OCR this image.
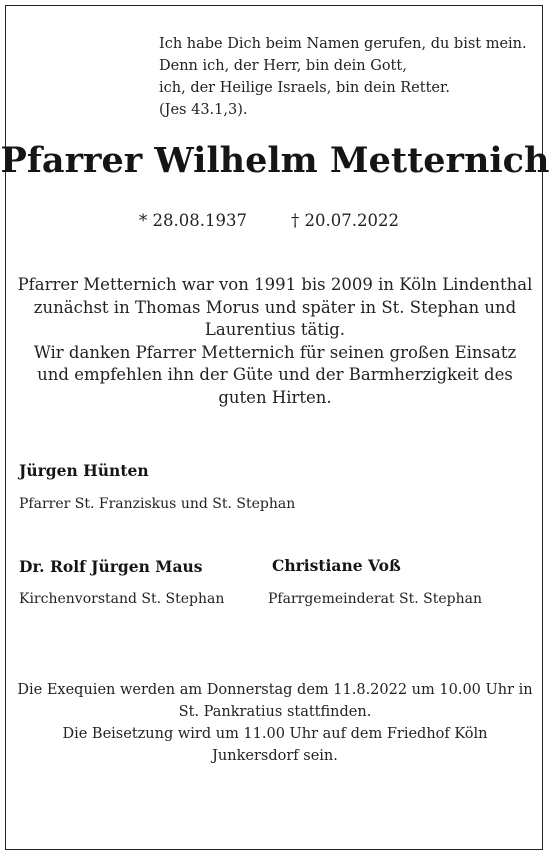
Ich habe Dich beim Namen gerufen, du bist mein.
Denn ich, der Herr, bin dein Gott,
ich, der Heilige Israels, bin dein Retter.
(Jes 43.1,3).
Pfarrer Wilhelm Metternich
* 28.08.1937	† 20.07.2022
Pfarrer Metternich war von 1991 bis 2009 in Köln Lindenthal
zunächst in Thomas Morus und später in St. Stephan und
Laurentius tätig.
Wir danken Pfarrer Metternich für seinen großen Einsatz
und empfehlen ihn der Güte und der Barmherzigkeit des
guten Hirten.
Jürgen Hünten
Pfarrer St. Franziskus und St. Stephan
Dr. Rolf Jürgen Maus
Kirchenvorstand St. Stephan
Christiane Voß
Pfarrgemeinderat St. Stephan
Die Exequien werden am Donnerstag dem 11.8.2022 um 10.00 Uhr in
St. Pankratius stattfinden.
Die Beisetzung wird um 11.00 Uhr auf dem Friedhof Köln
Junkersdorf sein.
